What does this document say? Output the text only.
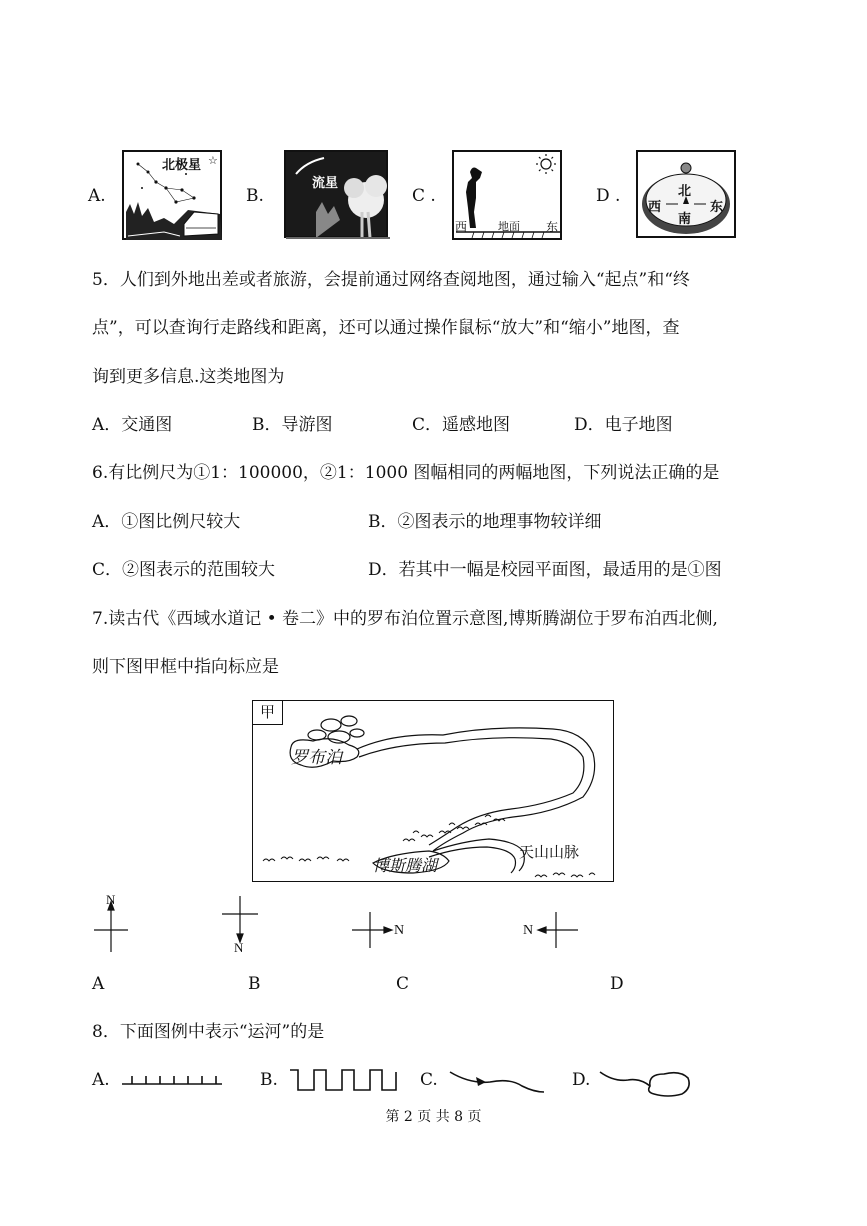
A.
北极星 ☆
B.
流星
C .
西	地面 东
D .	北
南
西	东
5．人们到外地出差或者旅游，会提前通过网络查阅地图，通过输入“起点”和“终
点”，可以查询行走路线和距离，还可以通过操作鼠标“放大”和“缩小”地图，查
询到更多信息.这类地图为
A．交通图	B．导游图	C．遥感地图	D．电子地图
6.有比例尺为①1：100000，②1：1000 图幅相同的两幅地图，下列说法正确的是
A．①图比例尺较大	B．②图表示的地理事物较详细
C．②图表示的范围较大	D．若其中一幅是校园平面图，最适用的是①图
7.读古代《西域水道记 • 卷二》中的罗布泊位置示意图,博斯腾湖位于罗布泊西北侧,
则下图甲框中指向标应是
甲
罗布泊
博斯腾湖
天山山脉
N
N
N	N
A	B	C	D
8．下面图例中表示“运河”的是
A.	B.	C.	D.
第 2 页 共 8 页
